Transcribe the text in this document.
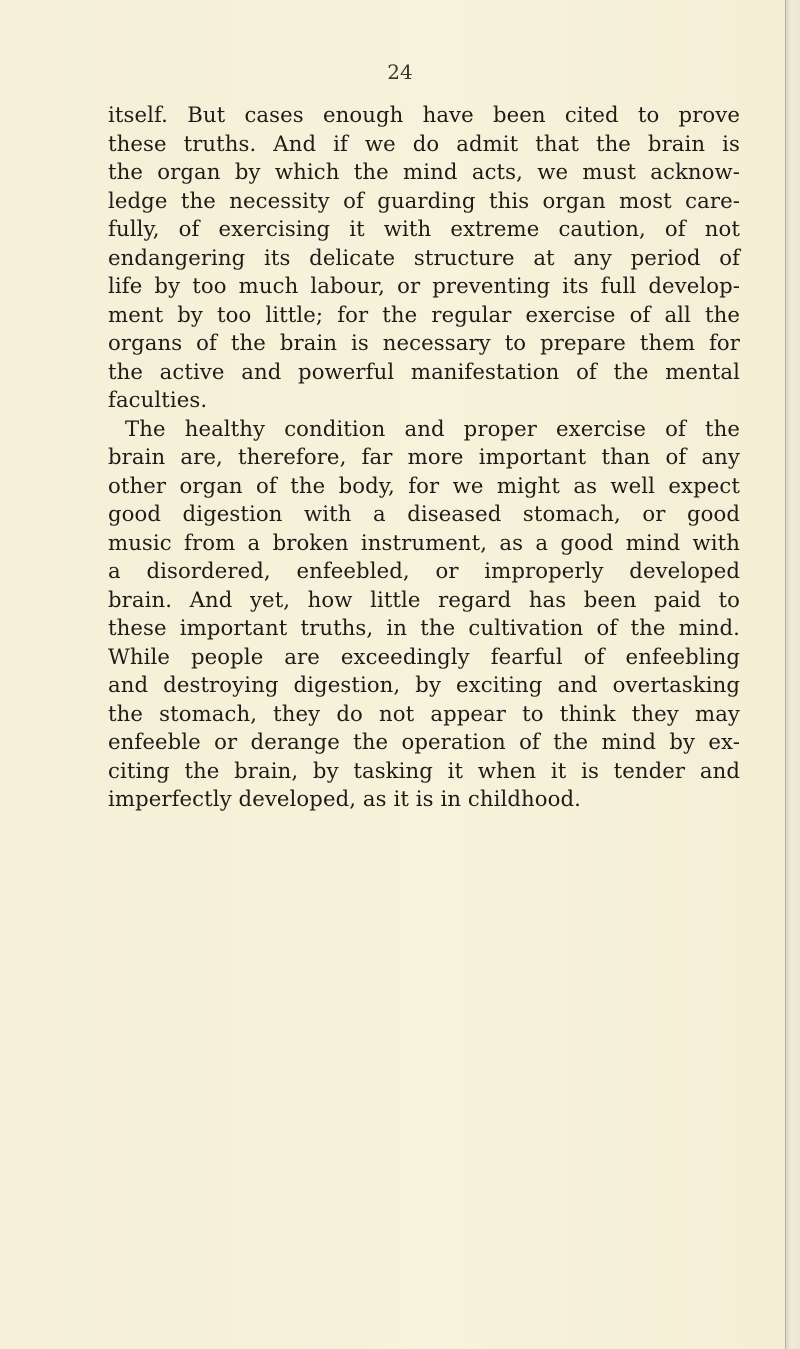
24
itself. But cases enough have been cited to prove
these truths. And if we do admit that the brain is
the organ by which the mind acts, we must acknow-
ledge the necessity of guarding this organ most care-
fully, of exercising it with extreme caution, of not
endangering its delicate structure at any period of
life by too much labour, or preventing its full develop-
ment by too little; for the regular exercise of all the
organs of the brain is necessary to prepare them for
the active and powerful manifestation of the mental
faculties.
The healthy condition and proper exercise of the
brain are, therefore, far more important than of any
other organ of the body, for we might as well expect
good digestion with a diseased stomach, or good
music from a broken instrument, as a good mind with
a disordered, enfeebled, or improperly developed
brain. And yet, how little regard has been paid to
these important truths, in the cultivation of the mind.
While people are exceedingly fearful of enfeebling
and destroying digestion, by exciting and overtasking
the stomach, they do not appear to think they may
enfeeble or derange the operation of the mind by ex-
citing the brain, by tasking it when it is tender and
imperfectly developed, as it is in childhood.
